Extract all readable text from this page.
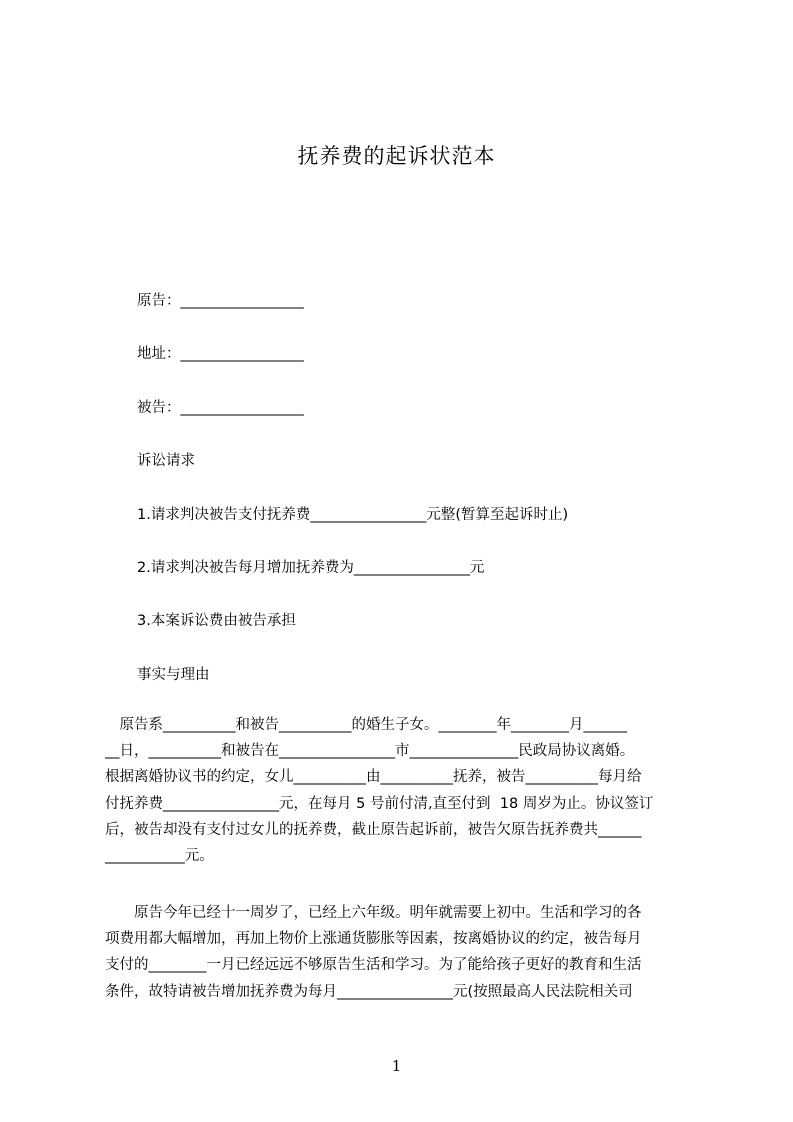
抚养费的起诉状范本
原告：_________________
地址：_________________
被告：_________________
诉讼请求
1.请求判决被告支付抚养费________________元整(暂算至起诉时止)
2.请求判决被告每月增加抚养费为________________元
3.本案诉讼费由被告承担
事实与理由
　原告系__________和被告__________的婚生子女。________年________月______
__日，__________和被告在________________市_______________民政局协议离婚。
根据离婚协议书的约定，女儿__________由__________抚养，被告__________每月给
付抚养费________________元，在每月 5 号前付清,直至付到  18 周岁为止。协议签订
后，被告却没有支付过女儿的抚养费，截止原告起诉前，被告欠原告抚养费共______
___________元。
　　原告今年已经十一周岁了，已经上六年级。明年就需要上初中。生活和学习的各
项费用都大幅增加，再加上物价上涨通货膨胀等因素，按离婚协议的约定，被告每月
支付的________一月已经远远不够原告生活和学习。为了能给孩子更好的教育和生活
条件，故特请被告增加抚养费为每月________________元(按照最高人民法院相关司
1
